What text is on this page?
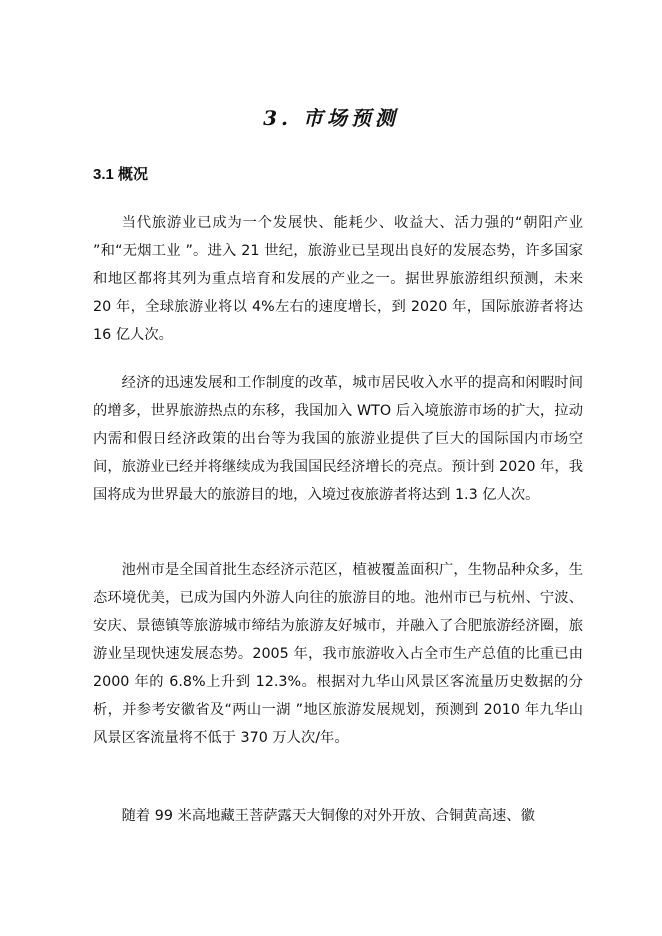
3. 市场预测
3.1 概况

当代旅游业已成为一个发展快、能耗少、收益大、活力强的“朝阳产业 ”和“无烟工业 ”。进入 21 世纪，旅游业已呈现出良好的发展态势，许多国家和地区都将其列为重点培育和发展的产业之一。据世界旅游组织预测，未来 20 年，全球旅游业将以 4%左右的速度增长，到 2020 年，国际旅游者将达 16 亿人次。

经济的迅速发展和工作制度的改革，城市居民收入水平的提高和闲暇时间的增多，世界旅游热点的东移，我国加入 WTO 后入境旅游市场的扩大，拉动内需和假日经济政策的出台等为我国的旅游业提供了巨大的国际国内市场空间，旅游业已经并将继续成为我国国民经济增长的亮点。预计到 2020 年，我国将成为世界最大的旅游目的地，入境过夜旅游者将达到 1.3 亿人次。

池州市是全国首批生态经济示范区，植被覆盖面积广，生物品种众多，生态环境优美，已成为国内外游人向往的旅游目的地。池州市已与杭州、宁波、安庆、景德镇等旅游城市缔结为旅游友好城市，并融入了合肥旅游经济圈，旅游业呈现快速发展态势。2005 年，我市旅游收入占全市生产总值的比重已由 2000 年的 6.8%上升到 12.3%。根据对九华山风景区客流量历史数据的分析，并参考安徽省及“两山一湖 ”地区旅游发展规划，预测到 2010 年九华山风景区客流量将不低于 370 万人次/年。

随着 99 米高地藏王菩萨露天大铜像的对外开放、合铜黄高速、徽
